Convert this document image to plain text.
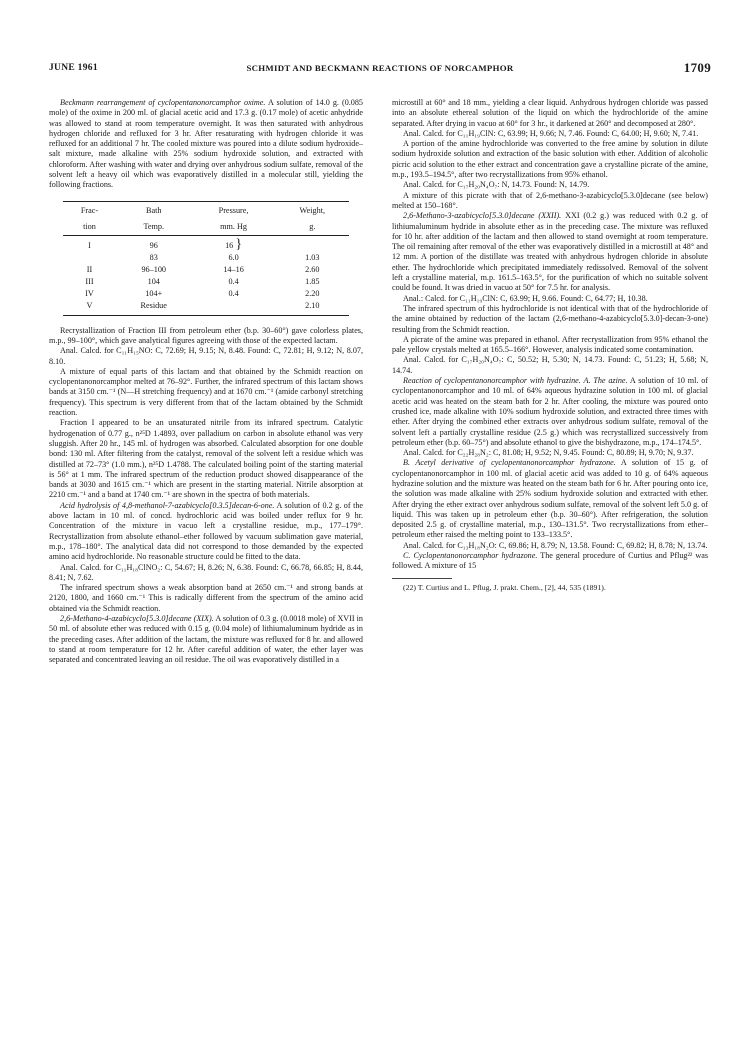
JUNE 1961	SCHMIDT AND BECKMANN REACTIONS OF NORCAMPHOR	1709

Beckmann rearrangement of cyclopentanonorcamphor oxime. A solution of 14.0 g. (0.085 mole) of the oxime in 200 ml. of glacial acetic acid and 17.3 g. (0.17 mole) of acetic anhydride was allowed to stand at room temperature overnight. It was then saturated with anhydrous hydrogen chloride and refluxed for 3 hr. After resaturating with hydrogen chloride it was refluxed for an additional 7 hr. The cooled mixture was poured into a dilute sodium hydroxide–salt mixture, made alkaline with 25% sodium hydroxide solution, and extracted with chloroform. After washing with water and drying over anhydrous sodium sulfate, removal of the solvent left a heavy oil which was evaporatively distilled in a molecular still, yielding the following fractions.

Frac-	Bath	Pressure,	Weight,
tion	Temp.	mm. Hg	g.
I	96	16 }	
	83	6.0	1.03
II	96–100	14–16	2.60
III	104	0.4	1.85
IV	104+	0.4	2.20
V	Residue		2.10

Recrystallization of Fraction III from petroleum ether (b.p. 30–60°) gave colorless plates, m.p., 99–100°, which gave analytical figures agreeing with those of the expected lactam.

Anal. Calcd. for C₁₁H₁₅NO: C, 72.69; H, 9.15; N, 8.48. Found: C, 72.81; H, 9.12; N, 8.07, 8.10.

A mixture of equal parts of this lactam and that obtained by the Schmidt reaction on cyclopentanonorcamphor melted at 76–92°. Further, the infrared spectrum of this lactam shows bands at 3150 cm.⁻¹ (N—H stretching frequency) and at 1670 cm.⁻¹ (amide carbonyl stretching frequency). This spectrum is very different from that of the lactam obtained by the Schmidt reaction.

Fraction I appeared to be an unsaturated nitrile from its infrared spectrum. Catalytic hydrogenation of 0.77 g., n²⁵D 1.4893, over palladium on carbon in absolute ethanol was very sluggish. After 20 hr., 145 ml. of hydrogen was absorbed. Calculated absorption for one double bond: 130 ml. After filtering from the catalyst, removal of the solvent left a residue which was distilled at 72–73° (1.0 mm.), n²⁵D 1.4788. The calculated boiling point of the starting material is 56° at 1 mm. The infrared spectrum of the reduction product showed disappearance of the bands at 3030 and 1615 cm.⁻¹ which are present in the starting material. Nitrile absorption at 2210 cm.⁻¹ and a band at 1740 cm.⁻¹ are shown in the spectra of both materials.

Acid hydrolysis of 4,8-methanol-7-azabicyclo[0.3.5]decan-6-one. A solution of 0.2 g. of the above lactam in 10 ml. of concd. hydrochloric acid was boiled under reflux for 9 hr. Concentration of the mixture in vacuo left a crystalline residue, m.p., 177–179°. Recrystallization from absolute ethanol–ether followed by vacuum sublimation gave material, m.p., 178–180°. The analytical data did not correspond to those demanded by the expected amino acid hydrochloride. No reasonable structure could be fitted to the data.

Anal. Calcd. for C₁₁H₁₈ClNO₂: C, 54.67; H, 8.26; N, 6.38. Found: C, 66.78, 66.85; H, 8.44, 8.41; N, 7.62.

The infrared spectrum shows a weak absorption band at 2650 cm.⁻¹ and strong bands at 2120, 1800, and 1660 cm.⁻¹ This is radically different from the spectrum of the amino acid obtained via the Schmidt reaction.

2,6-Methano-4-azabicyclo[5.3.0]decane (XIX). A solution of 0.3 g. (0.0018 mole) of XVII in 50 ml. of absolute ether was reduced with 0.15 g. (0.04 mole) of lithiumaluminum hydride as in the preceding cases. After addition of the lactam, the mixture was refluxed for 8 hr. and allowed to stand at room temperature for 12 hr. After careful addition of water, the ether layer was separated and concentrated leaving an oil residue. The oil was evaporatively distilled in a

microstill at 60° and 18 mm., yielding a clear liquid. Anhydrous hydrogen chloride was passed into an absolute ethereal solution of the liquid on which the hydrochloride of the amine separated. After drying in vacuo at 60° for 3 hr., it darkened at 260° and decomposed at 280°.

Anal. Calcd. for C₁₁H₁₉ClN: C, 63.99; H, 9.66; N, 7.46. Found: C, 64.00; H, 9.60; N, 7.41.

A portion of the amine hydrochloride was converted to the free amine by solution in dilute sodium hydroxide solution and extraction of the basic solution with ether. Addition of alcoholic picric acid solution to the ether extract and concentration gave a crystalline picrate of the amine, m.p., 193.5–194.5°, after two recrystallizations from 95% ethanol.

Anal. Calcd. for C₁₇H₂₀N₄O₇: N, 14.73. Found: N, 14.79.

A mixture of this picrate with that of 2,6-methano-3-azabicyclo[5.3.0]decane (see below) melted at 150–168°.

2,6-Methano-3-azabicyclo[5.3.0]decane (XXII). XXI (0.2 g.) was reduced with 0.2 g. of lithiumaluminum hydride in absolute ether as in the preceding case. The mixture was refluxed for 10 hr. after addition of the lactam and then allowed to stand overnight at room temperature. The oil remaining after removal of the ether was evaporatively distilled in a microstill at 48° and 12 mm. A portion of the distillate was treated with anhydrous hydrogen chloride in absolute ether. The hydrochloride which precipitated immediately redissolved. Removal of the solvent left a crystalline material, m.p. 161.5–163.5°, for the purification of which no suitable solvent could be found. It was dried in vacuo at 50° for 7.5 hr. for analysis.

Anal.: Calcd. for C₁₁H₁₉ClN: C, 63.99; H, 9.66. Found: C, 64.77; H, 10.38.

The infrared spectrum of this hydrochloride is not identical with that of the hydrochloride of the amine obtained by reduction of the lactam (2,6-methano-4-azabicyclo[5.3.0]-decan-3-one) resulting from the Schmidt reaction.

A picrate of the amine was prepared in ethanol. After recrystallization from 95% ethanol the pale yellow crystals melted at 165.5–166°. However, analysis indicated some contamination.

Anal. Calcd. for C₁₇H₂₀N₄O₇: C, 50.52; H, 5.30; N, 14.73. Found: C, 51.23; H, 5.68; N, 14.74.

Reaction of cyclopentanonorcamphor with hydrazine. A. The azine. A solution of 10 ml. of cyclopentanonorcamphor and 10 ml. of 64% aqueous hydrazine solution in 100 ml. of glacial acetic acid was heated on the steam bath for 2 hr. After cooling, the mixture was poured onto crushed ice, made alkaline with 10% sodium hydroxide solution, and extracted three times with ether. After drying the combined ether extracts over anhydrous sodium sulfate, removal of the solvent left a partially crystalline residue (2.5 g.) which was recrystallized successively from petroleum ether (b.p. 60–75°) and absolute ethanol to give the bishydrazone, m.p., 174–174.5°.

Anal. Calcd. for C₂₂H₂₈N₂: C, 81.08; H, 9.52; N, 9.45. Found: C, 80.89; H, 9.70; N, 9.37.

B. Acetyl derivative of cyclopentanonorcamphor hydrazone. A solution of 15 g. of cyclopentanonorcamphor in 100 ml. of glacial acetic acid was added to 10 g. of 64% aqueous hydrazine solution and the mixture was heated on the steam bath for 6 hr. After pouring onto ice, the solution was made alkaline with 25% sodium hydroxide solution and extracted with ether. After drying the ether extract over anhydrous sodium sulfate, removal of the solvent left 5.0 g. of liquid. This was taken up in petroleum ether (b.p. 30–60°). After refrigeration, the solution deposited 2.5 g. of crystalline material, m.p., 130–131.5°. Two recrystallizations from ether–petroleum ether raised the melting point to 133–133.5°.

Anal. Calcd. for C₁₃H₁₈N₂O: C, 69.86; H, 8.79; N, 13.58. Found: C, 69.82; H, 8.78; N, 13.74.

C. Cyclopentanonorcamphor hydrazone. The general procedure of Curtius and Pflug²² was followed. A mixture of 15

(22) T. Curtius and L. Pflug, J. prakt. Chem., [2], 44, 535 (1891).
